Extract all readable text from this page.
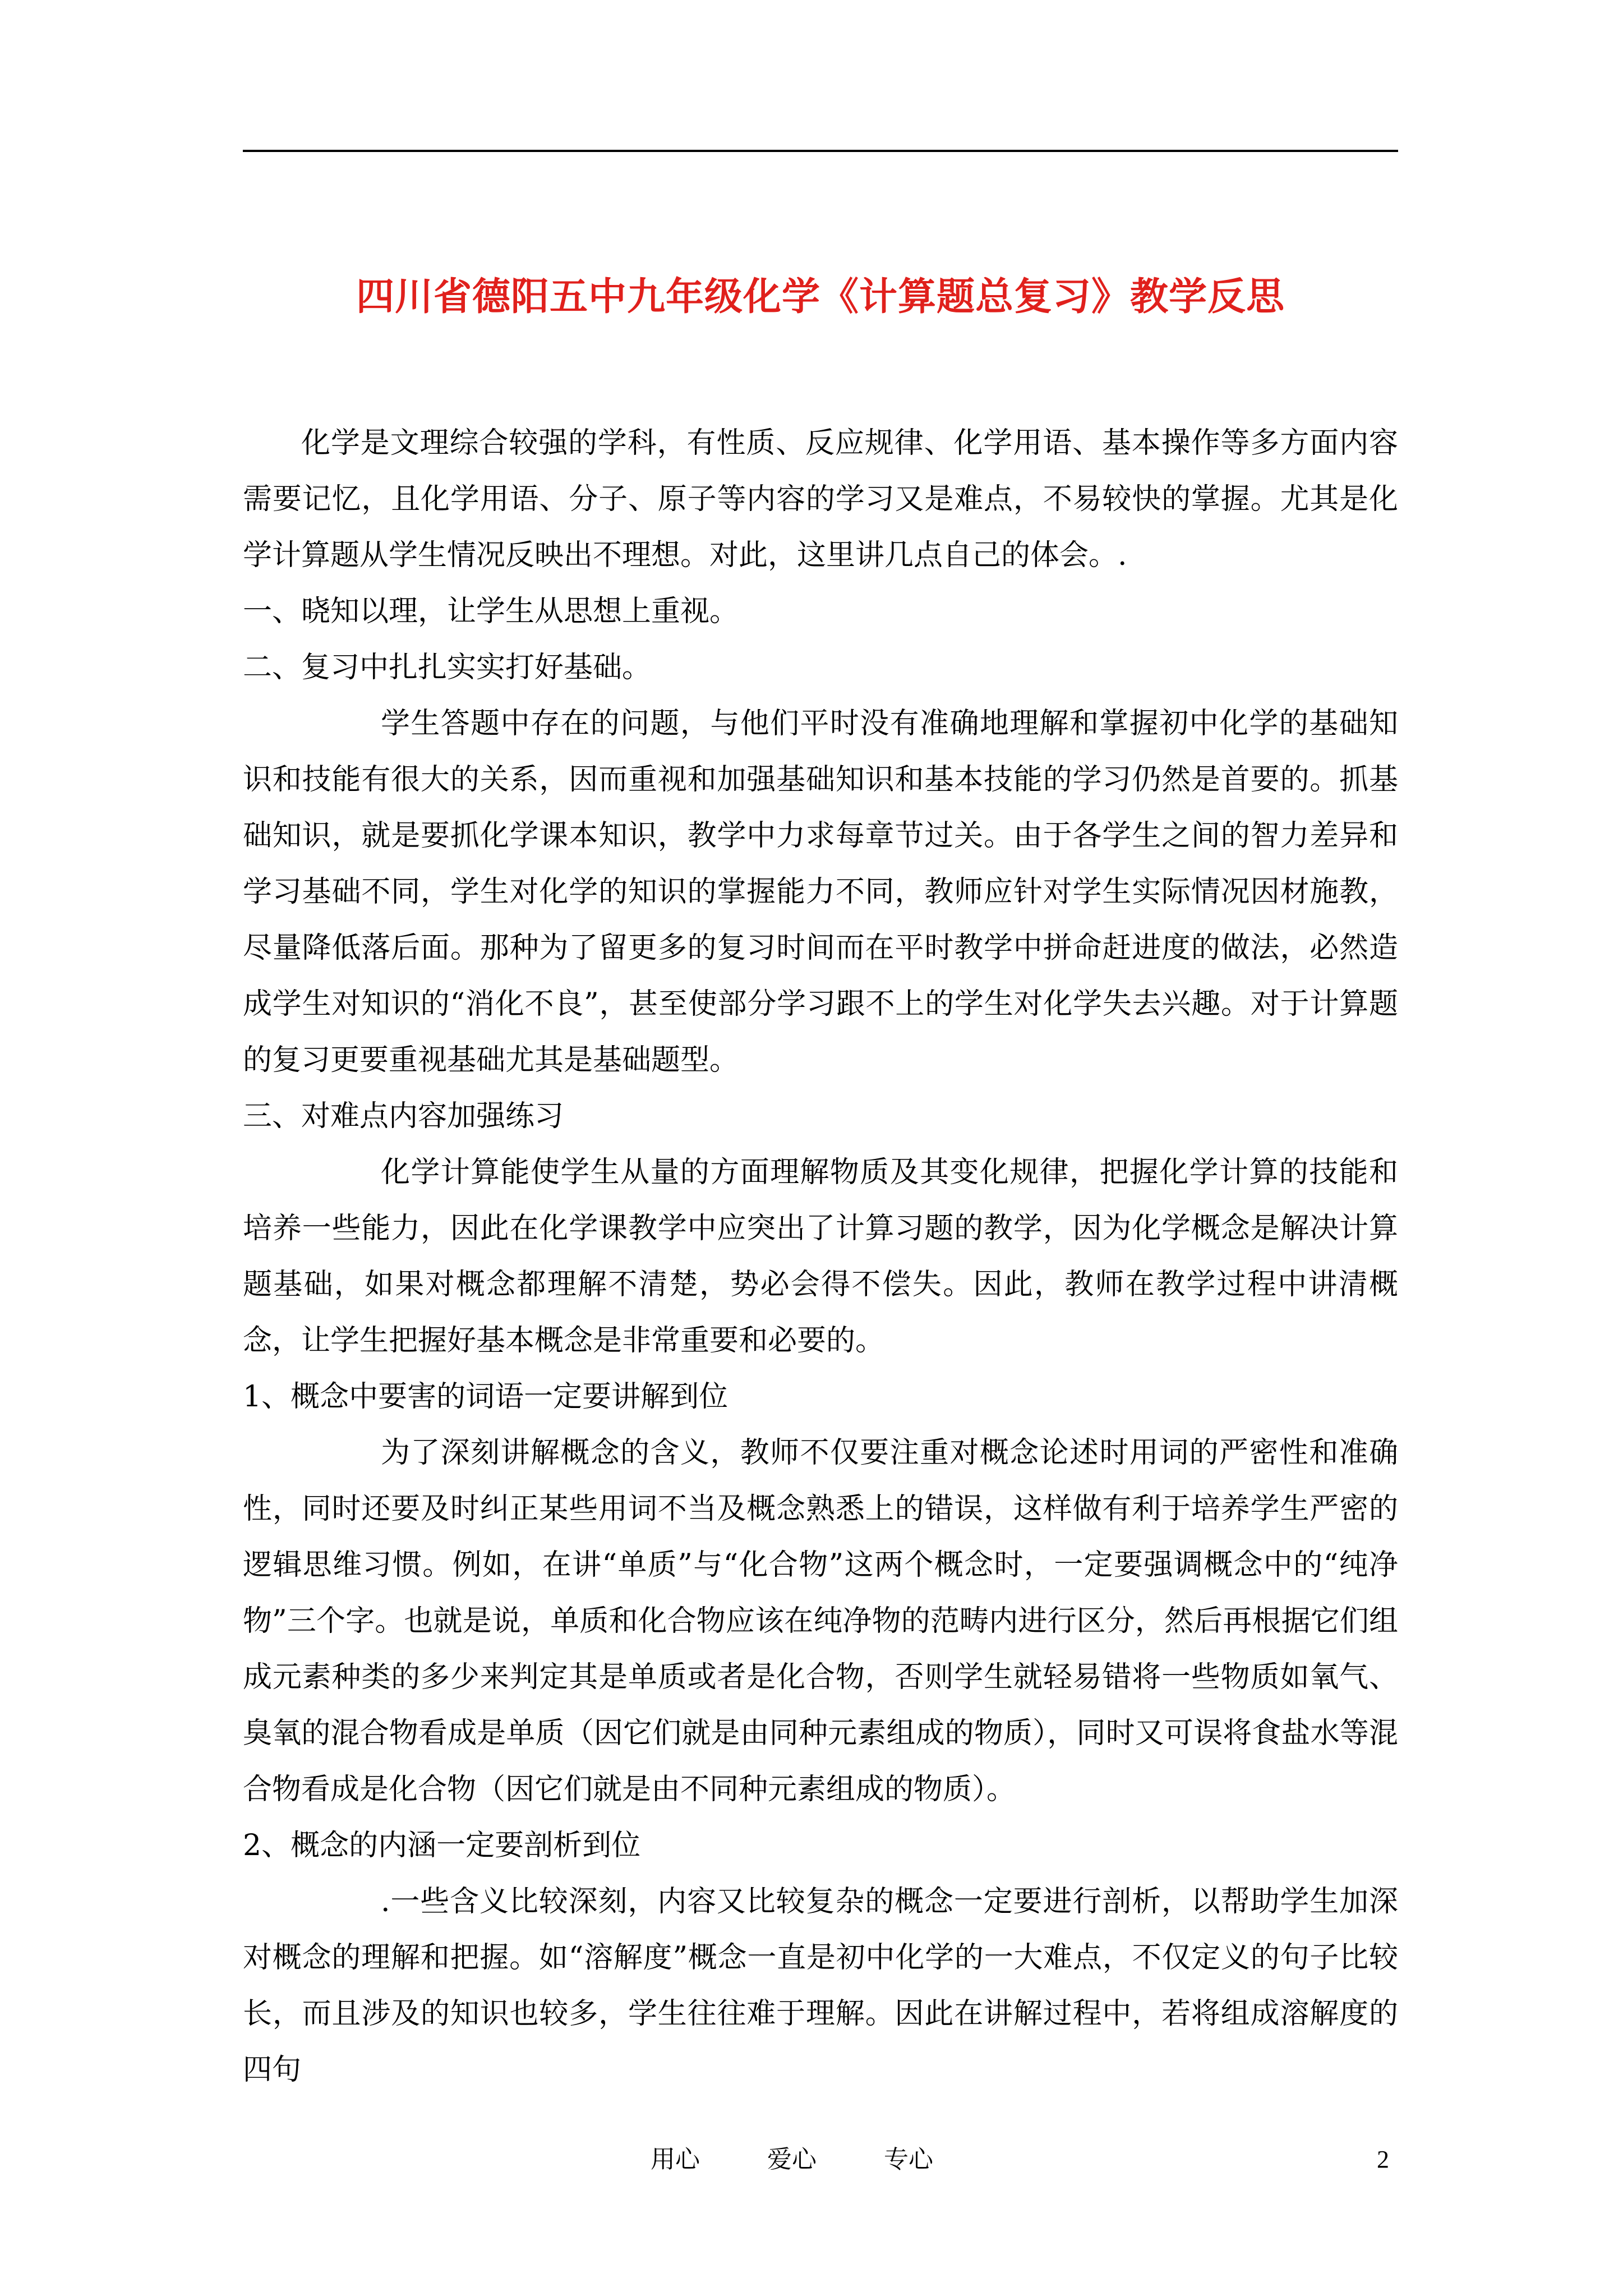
四川省德阳五中九年级化学《计算题总复习》教学反思

化学是文理综合较强的学科，有性质、反应规律、化学用语、基本操作等多方面内容需要记忆，且化学用语、分子、原子等内容的学习又是难点，不易较快的掌握。尤其是化学计算题从学生情况反映出不理想。对此，这里讲几点自己的体会。.

一、晓知以理，让学生从思想上重视。

二、复习中扎扎实实打好基础。

学生答题中存在的问题，与他们平时没有准确地理解和掌握初中化学的基础知识和技能有很大的关系，因而重视和加强基础知识和基本技能的学习仍然是首要的。抓基础知识，就是要抓化学课本知识，教学中力求每章节过关。由于各学生之间的智力差异和学习基础不同，学生对化学的知识的掌握能力不同，教师应针对学生实际情况因材施教，尽量降低落后面。那种为了留更多的复习时间而在平时教学中拼命赶进度的做法，必然造成学生对知识的“消化不良”，甚至使部分学习跟不上的学生对化学失去兴趣。对于计算题的复习更要重视基础尤其是基础题型。

三、对难点内容加强练习

化学计算能使学生从量的方面理解物质及其变化规律，把握化学计算的技能和培养一些能力，因此在化学课教学中应突出了计算习题的教学，因为化学概念是解决计算题基础，如果对概念都理解不清楚，势必会得不偿失。因此，教师在教学过程中讲清概念，让学生把握好基本概念是非常重要和必要的。

1、概念中要害的词语一定要讲解到位

为了深刻讲解概念的含义，教师不仅要注重对概念论述时用词的严密性和准确性，同时还要及时纠正某些用词不当及概念熟悉上的错误，这样做有利于培养学生严密的逻辑思维习惯。例如，在讲“单质”与“化合物”这两个概念时，一定要强调概念中的“纯净物”三个字。也就是说，单质和化合物应该在纯净物的范畴内进行区分，然后再根据它们组成元素种类的多少来判定其是单质或者是化合物，否则学生就轻易错将一些物质如氧气、臭氧的混合物看成是单质（因它们就是由同种元素组成的物质），同时又可误将食盐水等混合物看成是化合物（因它们就是由不同种元素组成的物质）。

2、概念的内涵一定要剖析到位

.一些含义比较深刻，内容又比较复杂的概念一定要进行剖析，以帮助学生加深对概念的理解和把握。如“溶解度”概念一直是初中化学的一大难点，不仅定义的句子比较长，而且涉及的知识也较多，学生往往难于理解。因此在讲解过程中，若将组成溶解度的四句

用心	爱心	专心	2
